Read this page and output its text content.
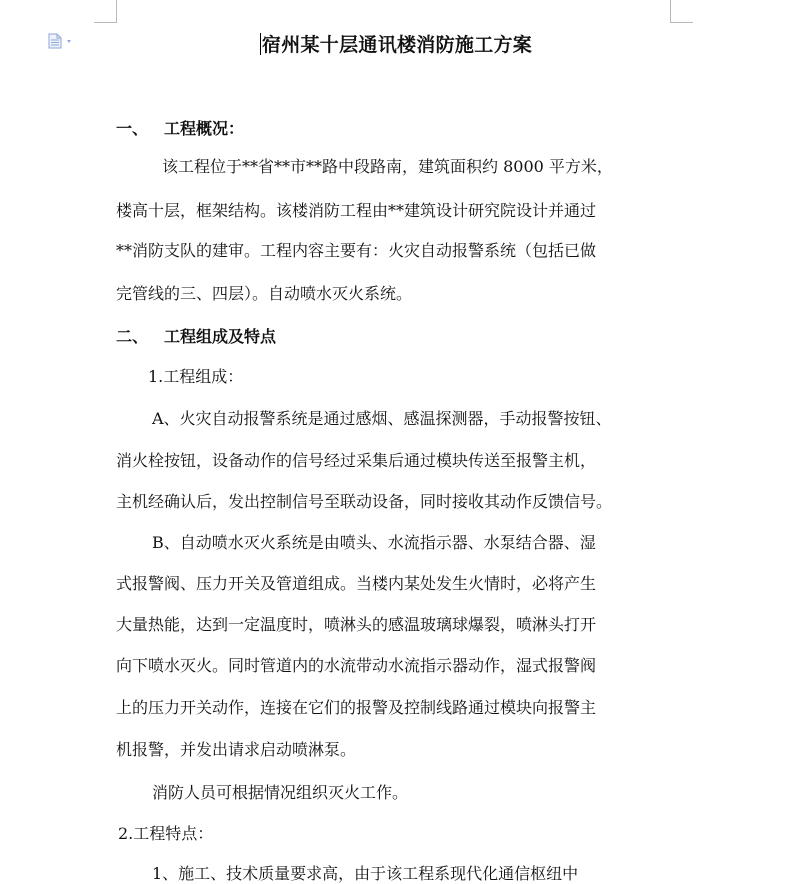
宿州某十层通讯楼消防施工方案
一、 工程概况：
该工程位于**省**市**路中段路南，建筑面积约 8000 平方米，
楼高十层，框架结构。该楼消防工程由**建筑设计研究院设计并通过
**消防支队的建审。工程内容主要有：火灾自动报警系统（包括已做
完管线的三、四层）。自动喷水灭火系统。
二、 工程组成及特点
1.工程组成：
A、火灾自动报警系统是通过感烟、感温探测器，手动报警按钮、
消火栓按钮，设备动作的信号经过采集后通过模块传送至报警主机，
主机经确认后，发出控制信号至联动设备，同时接收其动作反馈信号。
B、自动喷水灭火系统是由喷头、水流指示器、水泵结合器、湿
式报警阀、压力开关及管道组成。当楼内某处发生火情时，必将产生
大量热能，达到一定温度时，喷淋头的感温玻璃球爆裂，喷淋头打开
向下喷水灭火。同时管道内的水流带动水流指示器动作，湿式报警阀
上的压力开关动作，连接在它们的报警及控制线路通过模块向报警主
机报警，并发出请求启动喷淋泵。
消防人员可根据情况组织灭火工作。
2.工程特点：
1、施工、技术质量要求高，由于该工程系现代化通信枢纽中
